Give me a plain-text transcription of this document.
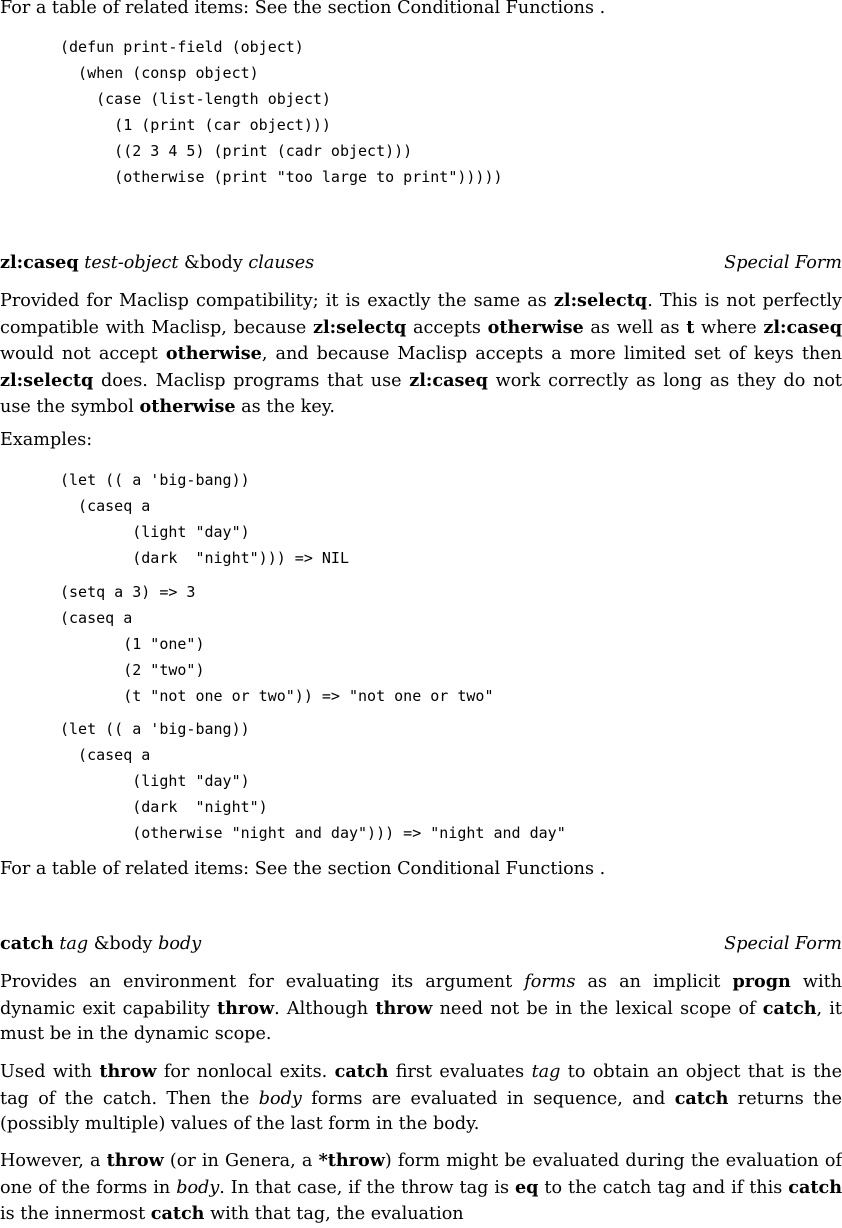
For a table of related items: See the section Conditional Functions .

(defun print-field (object)
(when (consp object)
(case (list-length object)
(1 (print (car object)))
((2 3 4 5) (print (cadr object)))
(otherwise (print "too large to print")))))
zl:caseq test-object &body clauses	Special Form

Provided for Maclisp compatibility; it is exactly the same as zl:selectq. This is not perfectly compatible with Maclisp, because zl:selectq accepts otherwise as well as t where zl:caseq would not accept otherwise, and because Maclisp accepts a more limited set of keys then zl:selectq does. Maclisp programs that use zl:caseq work correctly as long as they do not use the symbol otherwise as the key.

Examples:

(let (( a 'big-bang))
(caseq a
(light "day")
(dark  "night"))) => NIL
(setq a 3) => 3
(caseq a
(1 "one")
(2 "two")
(t "not one or two")) => "not one or two"
(let (( a 'big-bang))
(caseq a
(light "day")
(dark  "night")
(otherwise "night and day"))) => "night and day"

For a table of related items: See the section Conditional Functions .

catch tag &body body	Special Form

Provides an environment for evaluating its argument forms as an implicit progn with dynamic exit capability throw. Although throw need not be in the lexical scope of catch, it must be in the dynamic scope.

Used with throw for nonlocal exits. catch first evaluates tag to obtain an object that is the tag of the catch. Then the body forms are evaluated in sequence, and catch returns the (possibly multiple) values of the last form in the body.

However, a throw (or in Genera, a *throw) form might be evaluated during the evaluation of one of the forms in body. In that case, if the throw tag is eq to the catch tag and if this catch is the innermost catch with that tag, the evaluation
